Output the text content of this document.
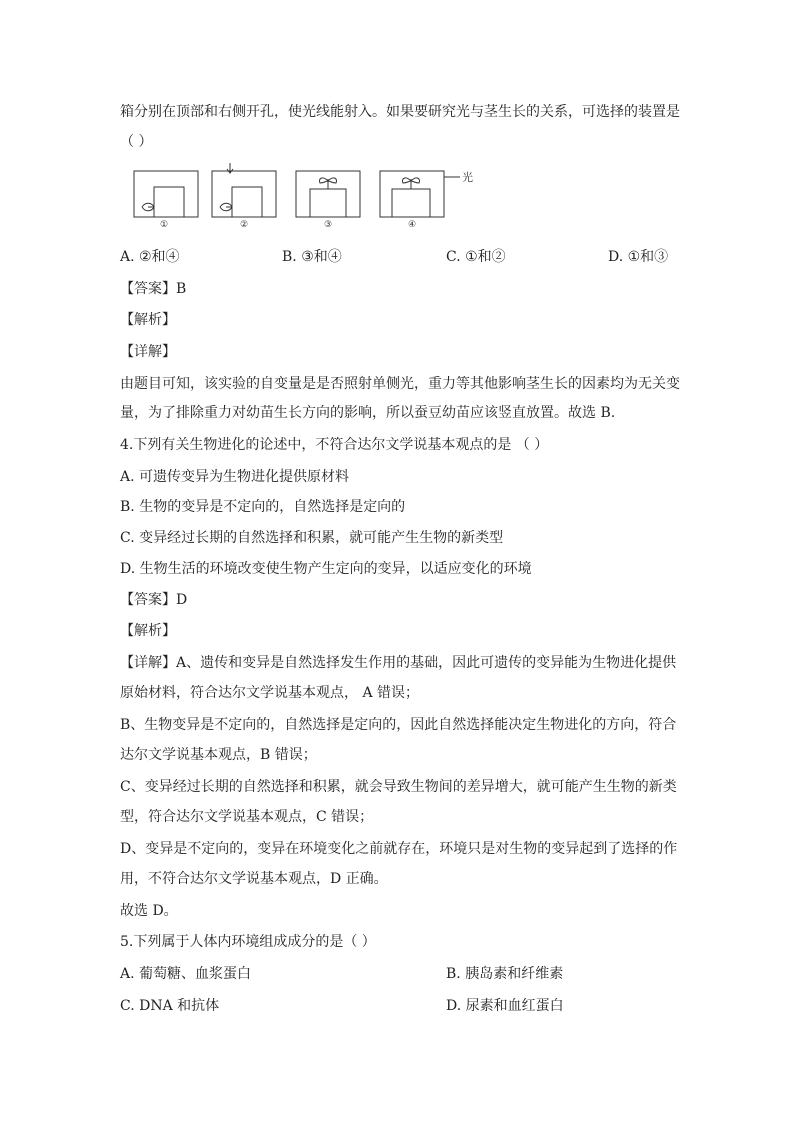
箱分别在顶部和右侧开孔，使光线能射入。如果要研究光与茎生长的关系，可选择的装置是
（ ）
①	②	③
光
④
A. ②和④	B. ③和④	C. ①和②	D. ①和③
【答案】B
【解析】
【详解】
由题目可知，该实验的自变量是是否照射单侧光，重力等其他影响茎生长的因素均为无关变
量，为了排除重力对幼苗生长方向的影响，所以蚕豆幼苗应该竖直放置。故选 B.
4.下列有关生物进化的论述中，不符合达尔文学说基本观点的是 （ ）
A. 可遗传变异为生物进化提供原材料
B. 生物的变异是不定向的，自然选择是定向的
C. 变异经过长期的自然选择和积累，就可能产生生物的新类型
D. 生物生活的环境改变使生物产生定向的变异，以适应变化的环境
【答案】D
【解析】
【详解】A、遗传和变异是自然选择发生作用的基础，因此可遗传的变异能为生物进化提供
原始材料，符合达尔文学说基本观点， A 错误；
B、生物变异是不定向的，自然选择是定向的，因此自然选择能决定生物进化的方向，符合
达尔文学说基本观点，B 错误；
C、变异经过长期的自然选择和积累，就会导致生物间的差异增大，就可能产生生物的新类
型，符合达尔文学说基本观点，C 错误；
D、变异是不定向的，变异在环境变化之前就存在，环境只是对生物的变异起到了选择的作
用，不符合达尔文学说基本观点，D 正确。
故选 D。
5.下列属于人体内环境组成成分的是（ ）
A. 葡萄糖、血浆蛋白	B. 胰岛素和纤维素
C. DNA 和抗体	D. 尿素和血红蛋白
